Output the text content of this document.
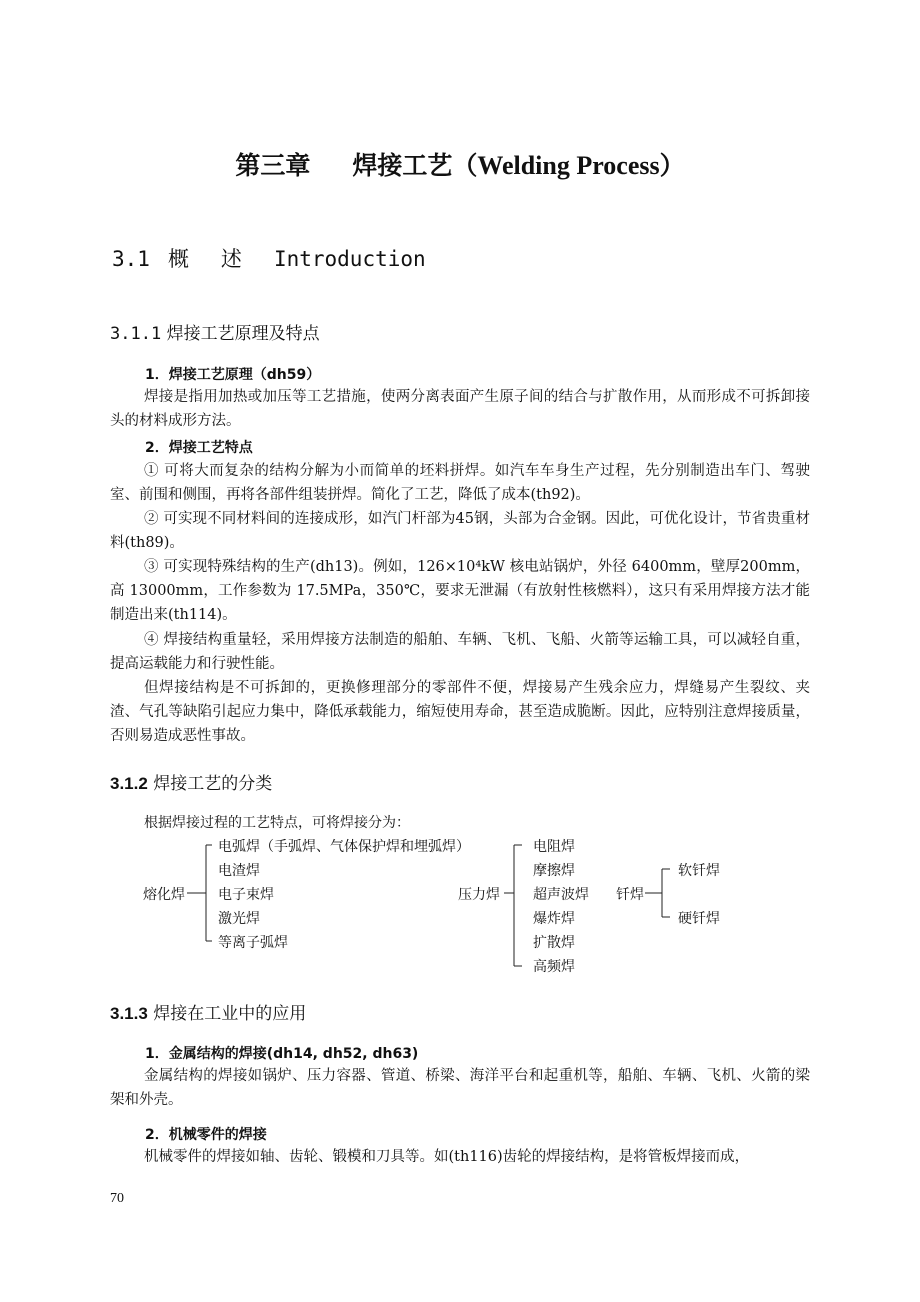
第三章 焊接工艺（Welding Process）
3.1 概述Introduction
3.1.1 焊接工艺原理及特点
1．焊接工艺原理（dh59）
焊接是指用加热或加压等工艺措施，使两分离表面产生原子间的结合与扩散作用，从而形成不可拆卸接头的材料成形方法。
2．焊接工艺特点
① 可将大而复杂的结构分解为小而简单的坯料拼焊。如汽车车身生产过程，先分别制造出车门、驾驶室、前围和侧围，再将各部件组装拼焊。简化了工艺，降低了成本(th92)。
② 可实现不同材料间的连接成形，如汽门杆部为45钢，头部为合金钢。因此，可优化设计，节省贵重材料(th89)。
③ 可实现特殊结构的生产(dh13)。例如，126×10⁴kW 核电站锅炉，外径 6400mm，壁厚200mm，高 13000mm，工作参数为 17.5MPa，350℃，要求无泄漏（有放射性核燃料），这只有采用焊接方法才能制造出来(th114)。
④ 焊接结构重量轻，采用焊接方法制造的船舶、车辆、飞机、飞船、火箭等运输工具，可以减轻自重，提高运载能力和行驶性能。
但焊接结构是不可拆卸的，更换修理部分的零部件不便，焊接易产生残余应力，焊缝易产生裂纹、夹渣、气孔等缺陷引起应力集中，降低承载能力，缩短使用寿命，甚至造成脆断。因此，应特别注意焊接质量，否则易造成恶性事故。
3.1.2 焊接工艺的分类
根据焊接过程的工艺特点，可将焊接分为：
熔化焊
电弧焊（手弧焊、气体保护焊和埋弧焊）
电渣焊
电子束焊
激光焊
等离子弧焊
压力焊
电阻焊
摩擦焊
超声波焊
爆炸焊
扩散焊
高频焊
钎焊
软钎焊
硬钎焊
3.1.3 焊接在工业中的应用
1．金属结构的焊接(dh14, dh52, dh63)
金属结构的焊接如锅炉、压力容器、管道、桥梁、海洋平台和起重机等，船舶、车辆、飞机、火箭的梁架和外壳。
2．机械零件的焊接
机械零件的焊接如轴、齿轮、锻模和刀具等。如(th116)齿轮的焊接结构，是将管板焊接而成，
70
